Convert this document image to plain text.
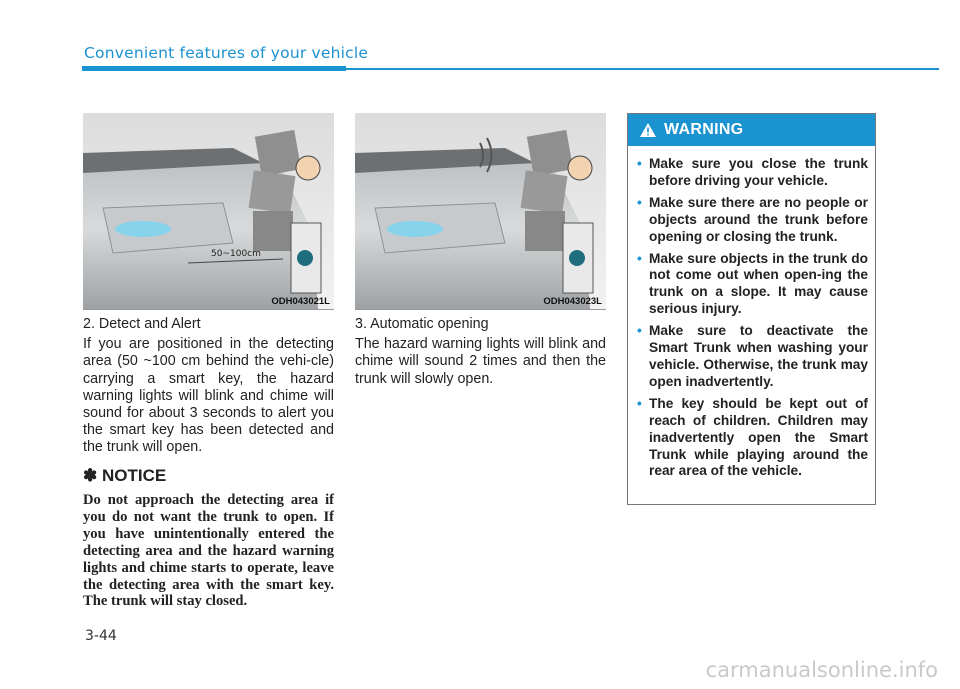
Convenient features of your vehicle
50~100cm
ODH043021L	ODH043023L

2. Detect and Alert

If you are positioned in the detecting area (50 ~100 cm behind the vehi-cle) carrying a smart key, the hazard warning lights will blink and chime will sound for about 3 seconds to alert you the smart key has been detected and the trunk will open.

✽ NOTICE
Do not approach the detecting area if you do not want the trunk to open. If you have unintentionally entered the detecting area and the hazard warning lights and chime starts to operate, leave the detecting area with the smart key. The trunk will stay closed.

3. Automatic opening

The hazard warning lights will blink and chime will sound 2 times and then the trunk will slowly open.

WARNING
• Make sure you close the trunk before driving your vehicle.
• Make sure there are no people or objects around the trunk before opening or closing the trunk.
• Make sure objects in the trunk do not come out when open-ing the trunk on a slope. It may cause serious injury.
• Make sure to deactivate the Smart Trunk when washing your vehicle. Otherwise, the trunk may open inadvertently.
• The key should be kept out of reach of children. Children may inadvertently open the Smart Trunk while playing around the rear area of the vehicle.
3-44
carmanualsonline.info
